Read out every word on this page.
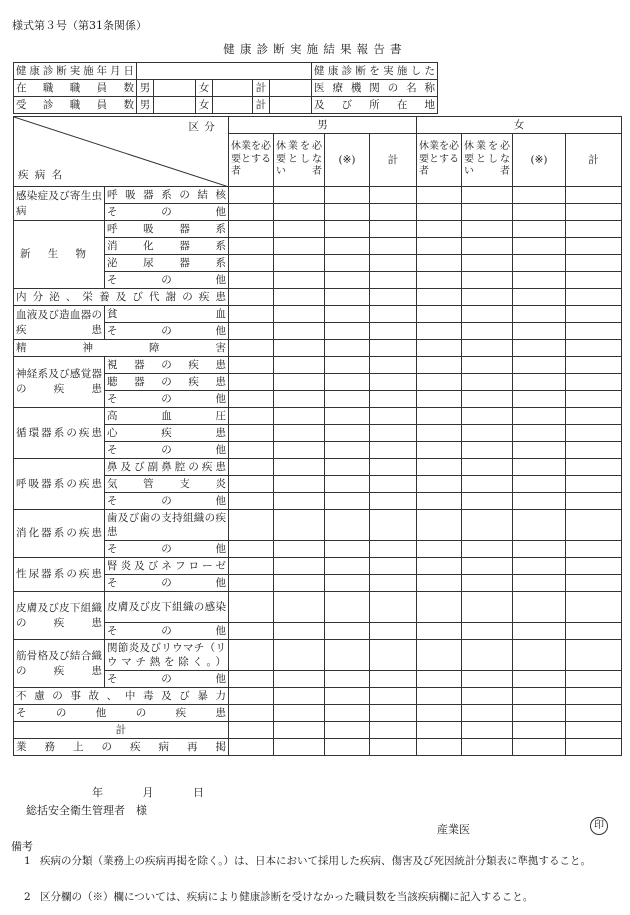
様式第３号（第31条関係）
健康診断実施結果報告書
健康診断実施年月日							健康診断を実施した
在職職員数	男		女		計		医療機関の名称
受診職員数	男		女		計		及び所在地
区分
疾病名		男				女			
		休業を必要とする者	休業を必要としない者	(※)	計	休業を必要とする者	休業を必要としない者	(※)	計
感染症及び寄生虫病	呼吸器系の結核								
	その他								
新生物	呼吸器系								
	消化器系								
	泌尿器系								
	その他								
内分泌、栄養及び代謝の疾患									
血液及び造血器の疾患	貧血								
	その他								
精神障害									
神経系及び感覚器の疾患	視器の疾患								
	聴器の疾患								
	その他								
循環器系の疾患	高血圧								
	心疾患								
	その他								
呼吸器系の疾患	鼻及び副鼻腔の疾患								
	気管支炎								
	その他								
消化器系の疾患	歯及び歯の支持組織の疾患								
	その他								
性尿器系の疾患	腎炎及びネフローゼ								
	その他								
皮膚及び皮下組織の疾患	皮膚及び皮下組織の感染								
	その他								
筋骨格及び結合織の疾患	関節炎及びリウマチ（リウマチ熱を除く。）								
	その他								
不慮の事故、中毒及び暴力									
その他の疾患									
計									
業務上の疾病再掲									
年	月	日
総括安全衛生管理者　様
産業医	印
備考
1 疾病の分類（業務上の疾病再掲を除く。）は、日本において採用した疾病、傷害及び死因統計分類表に準拠すること。
2 区分欄の（※）欄については、疾病により健康診断を受けなかった職員数を当該疾病欄に記入すること。
